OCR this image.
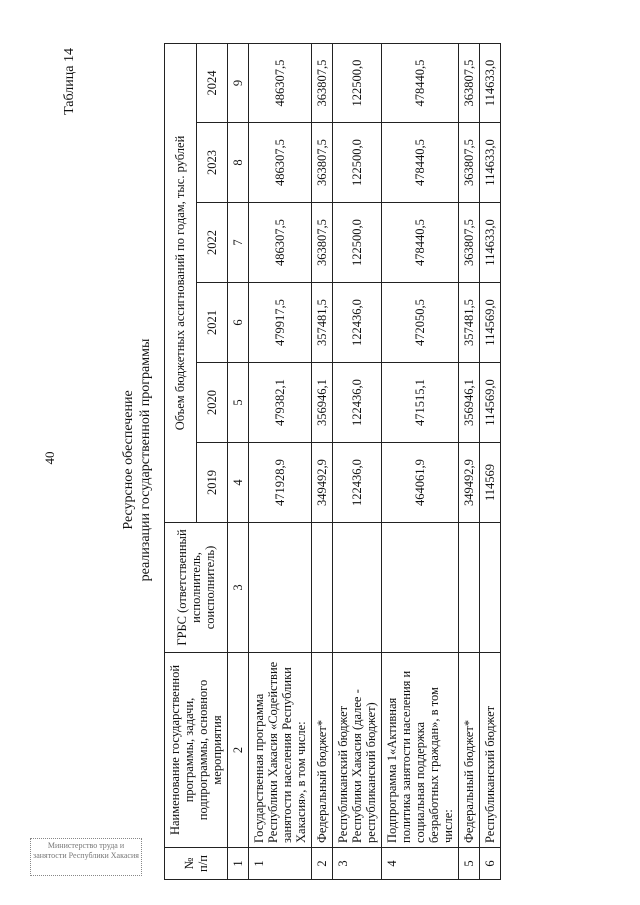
40
Таблица 14
Ресурсное обеспечение реализации государственной программы
№ п/п	Наименование государственной программы, задачи, подпрограммы, основного мероприятия	ГРБС (ответственный исполнитель, соисполнитель)	Объем бюджетных ассигнований по годам, тыс. рублей					
			2019	2020	2021	2022	2023	2024
1	2	3	4	5	6	7	8	9
1	Государственная программа Республики Хакасия «Содействие занятости населения Республики Хакасия», в том числе:		471928,9	479382,1	479917,5	486307,5	486307,5	486307,5
2	Федеральный бюджет*		349492,9	356946,1	357481,5	363807,5	363807,5	363807,5
3	Республиканский бюджет Республики Хакасия (далее - республиканский бюджет)		122436,0	122436,0	122436,0	122500,0	122500,0	122500,0
4	Подпрограмма 1«Активная политика занятости населения и социальная поддержка безработных граждан», в том числе:		464061,9	471515,1	472050,5	478440,5	478440,5	478440,5
5	Федеральный бюджет*		349492,9	356946,1	357481,5	363807,5	363807,5	363807,5
6	Республиканский бюджет		114569	114569,0	114569,0	114633,0	114633,0	114633,0
Министерство труда и занятости Республики Хакасия
